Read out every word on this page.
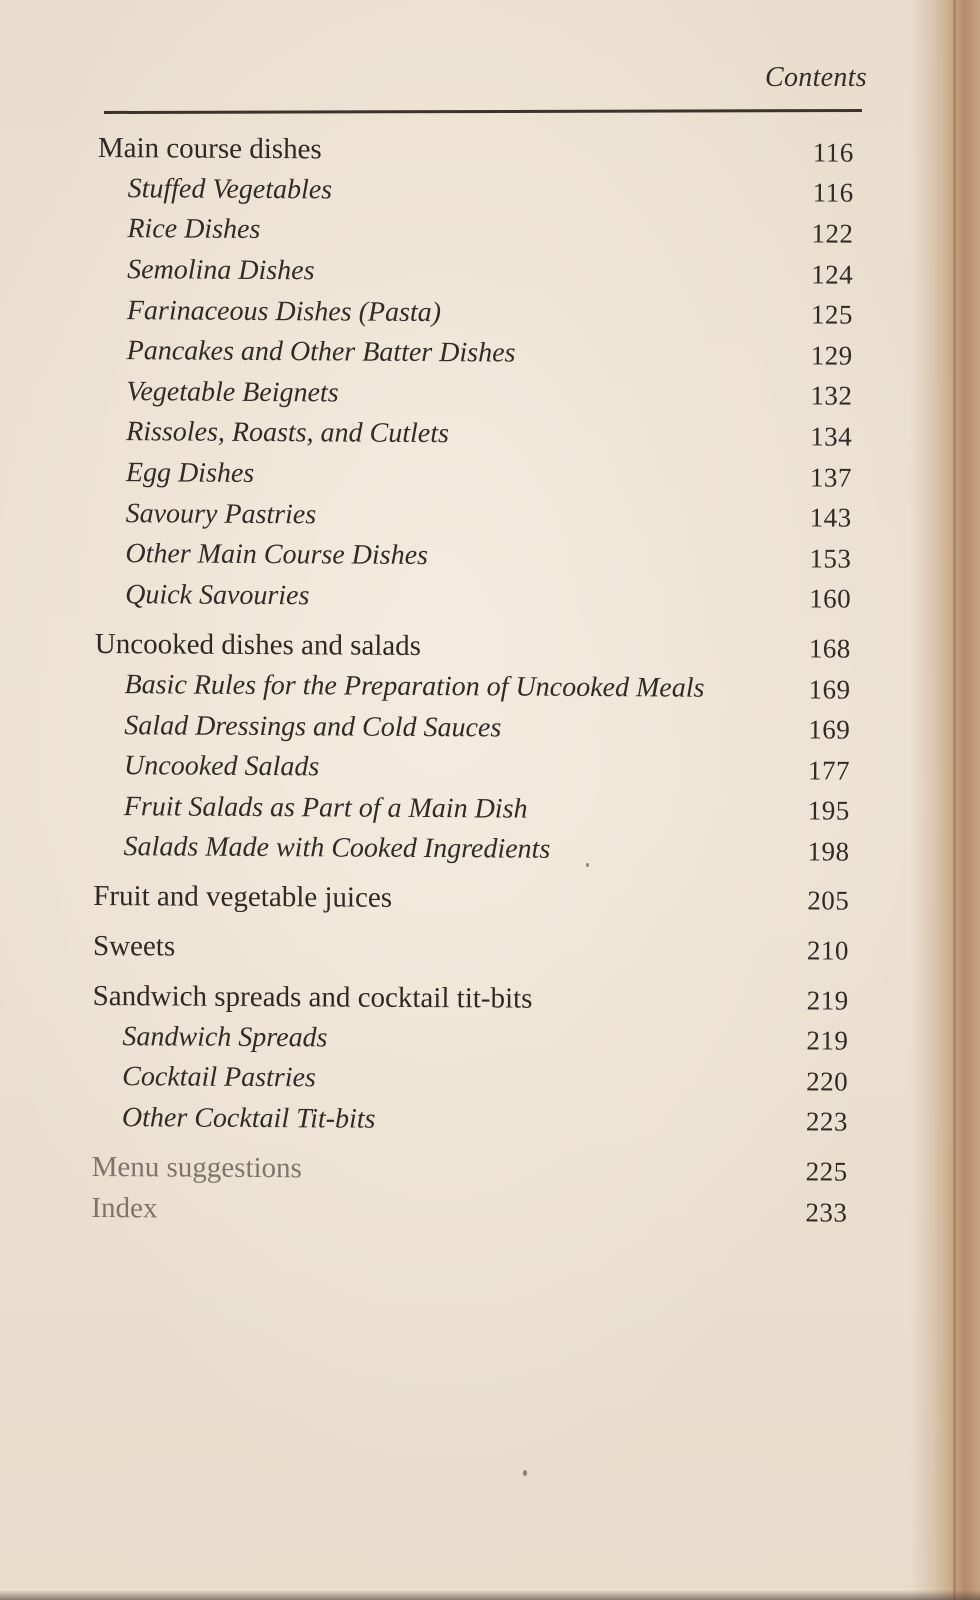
Contents
Main course dishes	116
Stuffed Vegetables	116
Rice Dishes	122
Semolina Dishes	124
Farinaceous Dishes (Pasta)	125
Pancakes and Other Batter Dishes	129
Vegetable Beignets	132
Rissoles, Roasts, and Cutlets	134
Egg Dishes	137
Savoury Pastries	143
Other Main Course Dishes	153
Quick Savouries	160
Uncooked dishes and salads	168
Basic Rules for the Preparation of Uncooked Meals	169
Salad Dressings and Cold Sauces	169
Uncooked Salads	177
Fruit Salads as Part of a Main Dish	195
Salads Made with Cooked Ingredients	198
Fruit and vegetable juices	205
Sweets	210
Sandwich spreads and cocktail tit-bits	219
Sandwich Spreads	219
Cocktail Pastries	220
Other Cocktail Tit-bits	223
Menu suggestions	225
Index	233
